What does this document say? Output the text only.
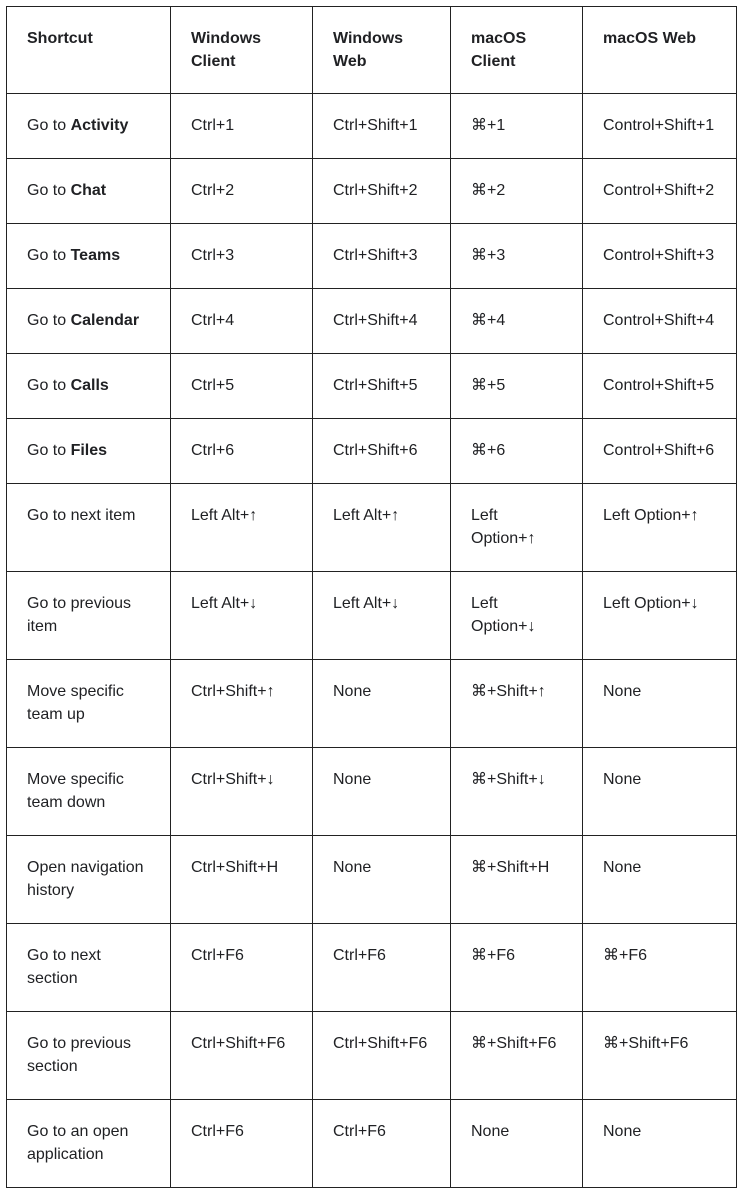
Shortcut	Windows Client	Windows Web	macOS Client	macOS Web
Go to Activity	Ctrl+1	Ctrl+Shift+1	⌘+1	Control+Shift+1
Go to Chat	Ctrl+2	Ctrl+Shift+2	⌘+2	Control+Shift+2
Go to Teams	Ctrl+3	Ctrl+Shift+3	⌘+3	Control+Shift+3
Go to Calendar	Ctrl+4	Ctrl+Shift+4	⌘+4	Control+Shift+4
Go to Calls	Ctrl+5	Ctrl+Shift+5	⌘+5	Control+Shift+5
Go to Files	Ctrl+6	Ctrl+Shift+6	⌘+6	Control+Shift+6
Go to next item	Left Alt+↑	Left Alt+↑	Left Option+↑	Left Option+↑
Go to previous item	Left Alt+↓	Left Alt+↓	Left Option+↓	Left Option+↓
Move specific team up	Ctrl+Shift+↑	None	⌘+Shift+↑	None
Move specific team down	Ctrl+Shift+↓	None	⌘+Shift+↓	None
Open navigation history	Ctrl+Shift+H	None	⌘+Shift+H	None
Go to next section	Ctrl+F6	Ctrl+F6	⌘+F6	⌘+F6
Go to previous section	Ctrl+Shift+F6	Ctrl+Shift+F6	⌘+Shift+F6	⌘+Shift+F6
Go to an open application	Ctrl+F6	Ctrl+F6	None	None
